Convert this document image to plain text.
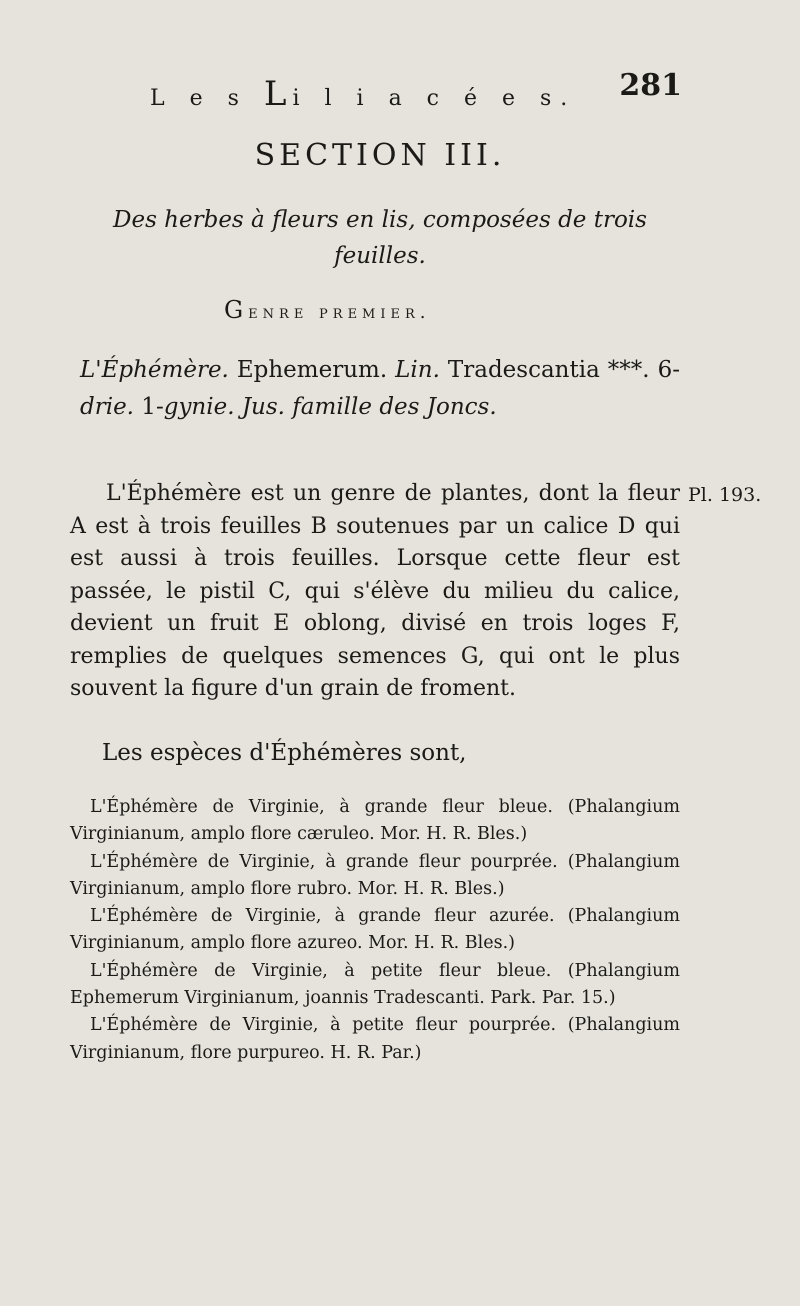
L e s Li l i a c é e s. 281
SECTION III.
Des herbes à fleurs en lis, composées de trois feuilles.
Genre premier.
L'Éphémère. Ephemerum. Lin. Tradescantia ***. 6-drie. 1-gynie. Jus. famille des Joncs.

L'Éphémère est un genre de plantes, dont la fleur A est à trois feuilles B soutenues par un calice D qui est aussi à trois feuilles. Lorsque cette fleur est passée, le pistil C, qui s'élève du milieu du calice, devient un fruit E oblong, divisé en trois loges F, remplies de quelques semences G, qui ont le plus souvent la figure d'un grain de froment.

Pl. 193.
Les espèces d'Éphémères sont,

L'Éphémère de Virginie, à grande fleur bleue. (Phalangium Virginianum, amplo flore cæruleo. Mor. H. R. Bles.)

L'Éphémère de Virginie, à grande fleur pourprée. (Phalangium Virginianum, amplo flore rubro. Mor. H. R. Bles.)

L'Éphémère de Virginie, à grande fleur azurée. (Phalangium Virginianum, amplo flore azureo. Mor. H. R. Bles.)

L'Éphémère de Virginie, à petite fleur bleue. (Phalangium Ephemerum Virginianum, joannis Tradescanti. Park. Par. 15.)

L'Éphémère de Virginie, à petite fleur pourprée. (Phalangium Virginianum, flore purpureo. H. R. Par.)
